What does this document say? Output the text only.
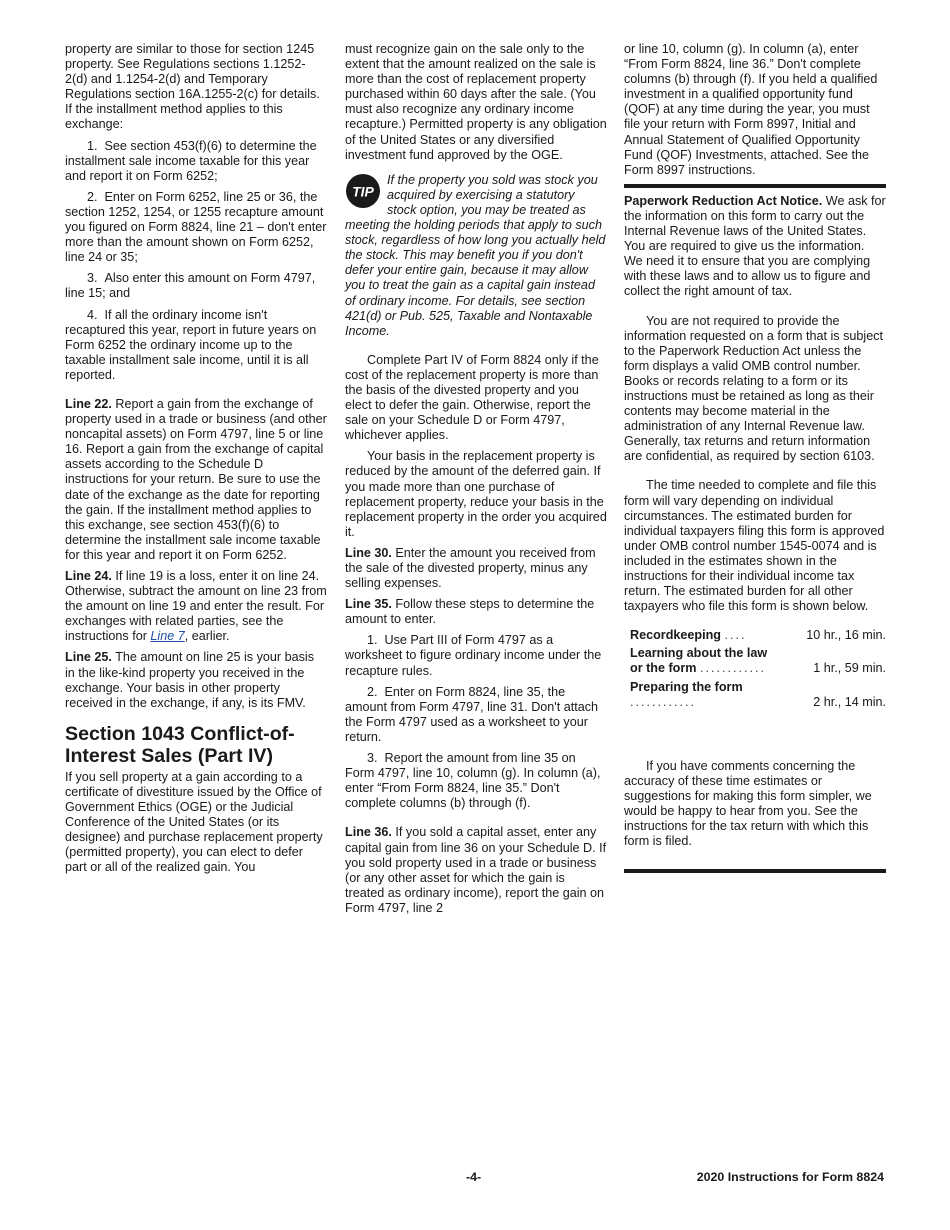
property are similar to those for section 1245 property. See Regulations sections 1.1252-2(d) and 1.1254-2(d) and Temporary Regulations section 16A.1255-2(c) for details. If the installment method applies to this exchange:

1.  See section 453(f)(6) to determine the installment sale income taxable for this year and report it on Form 6252;

2.  Enter on Form 6252, line 25 or 36, the section 1252, 1254, or 1255 recapture amount you figured on Form 8824, line 21 – don't enter more than the amount shown on Form 6252, line 24 or 35;

3.  Also enter this amount on Form 4797, line 15; and

4.  If all the ordinary income isn't recaptured this year, report in future years on Form 6252 the ordinary income up to the taxable installment sale income, until it is all reported.

Line 22. Report a gain from the exchange of property used in a trade or business (and other noncapital assets) on Form 4797, line 5 or line 16. Report a gain from the exchange of capital assets according to the Schedule D instructions for your return. Be sure to use the date of the exchange as the date for reporting the gain. If the installment method applies to this exchange, see section 453(f)(6) to determine the installment sale income taxable for this year and report it on Form 6252.

Line 24. If line 19 is a loss, enter it on line 24. Otherwise, subtract the amount on line 23 from the amount on line 19 and enter the result. For exchanges with related parties, see the instructions for Line 7, earlier.

Line 25. The amount on line 25 is your basis in the like-kind property you received in the exchange. Your basis in other property received in the exchange, if any, is its FMV.

Section 1043 Conflict-of-Interest Sales (Part IV)

If you sell property at a gain according to a certificate of divestiture issued by the Office of Government Ethics (OGE) or the Judicial Conference of the United States (or its designee) and purchase replacement property (permitted property), you can elect to defer part or all of the realized gain. You

must recognize gain on the sale only to the extent that the amount realized on the sale is more than the cost of replacement property purchased within 60 days after the sale. (You must also recognize any ordinary income recapture.) Permitted property is any obligation of the United States or any diversified investment fund approved by the OGE.

TIP
If the property you sold was stock you acquired by exercising a statutory stock option, you may be treated as meeting the holding periods that apply to such stock, regardless of how long you actually held the stock. This may benefit you if you don't defer your entire gain, because it may allow you to treat the gain as a capital gain instead of ordinary income. For details, see section 421(d) or Pub. 525, Taxable and Nontaxable Income.

Complete Part IV of Form 8824 only if the cost of the replacement property is more than the basis of the divested property and you elect to defer the gain. Otherwise, report the sale on your Schedule D or Form 4797, whichever applies.

Your basis in the replacement property is reduced by the amount of the deferred gain. If you made more than one purchase of replacement property, reduce your basis in the replacement property in the order you acquired it.

Line 30. Enter the amount you received from the sale of the divested property, minus any selling expenses.

Line 35. Follow these steps to determine the amount to enter.

1.  Use Part III of Form 4797 as a worksheet to figure ordinary income under the recapture rules.

2.  Enter on Form 8824, line 35, the amount from Form 4797, line 31. Don't attach the Form 4797 used as a worksheet to your return.

3.  Report the amount from line 35 on Form 4797, line 10, column (g). In column (a), enter “From Form 8824, line 35.” Don't complete columns (b) through (f).

Line 36. If you sold a capital asset, enter any capital gain from line 36 on your Schedule D. If you sold property used in a trade or business (or any other asset for which the gain is treated as ordinary income), report the gain on Form 4797, line 2

or line 10, column (g). In column (a), enter “From Form 8824, line 36.” Don't complete columns (b) through (f). If you held a qualified investment in a qualified opportunity fund (QOF) at any time during the year, you must file your return with Form 8997, Initial and Annual Statement of Qualified Opportunity Fund (QOF) Investments, attached. See the Form 8997 instructions.

Paperwork Reduction Act Notice. We ask for the information on this form to carry out the Internal Revenue laws of the United States. You are required to give us the information. We need it to ensure that you are complying with these laws and to allow us to figure and collect the right amount of tax.

You are not required to provide the information requested on a form that is subject to the Paperwork Reduction Act unless the form displays a valid OMB control number. Books or records relating to a form or its instructions must be retained as long as their contents may become material in the administration of any Internal Revenue law. Generally, tax returns and return information are confidential, as required by section 6103.

The time needed to complete and file this form will vary depending on individual circumstances. The estimated burden for individual taxpayers filing this form is approved under OMB control number 1545-0074 and is included in the estimates shown in the instructions for their individual income tax return. The estimated burden for all other taxpayers who file this form is shown below.

Recordkeeping ....	10 hr., 16 min.
Learning about the law or the form ............	1 hr., 59 min.
Preparing the form ............	2 hr., 14 min.

If you have comments concerning the accuracy of these time estimates or suggestions for making this form simpler, we would be happy to hear from you. See the instructions for the tax return with which this form is filed.

-4-	2020 Instructions for Form 8824
